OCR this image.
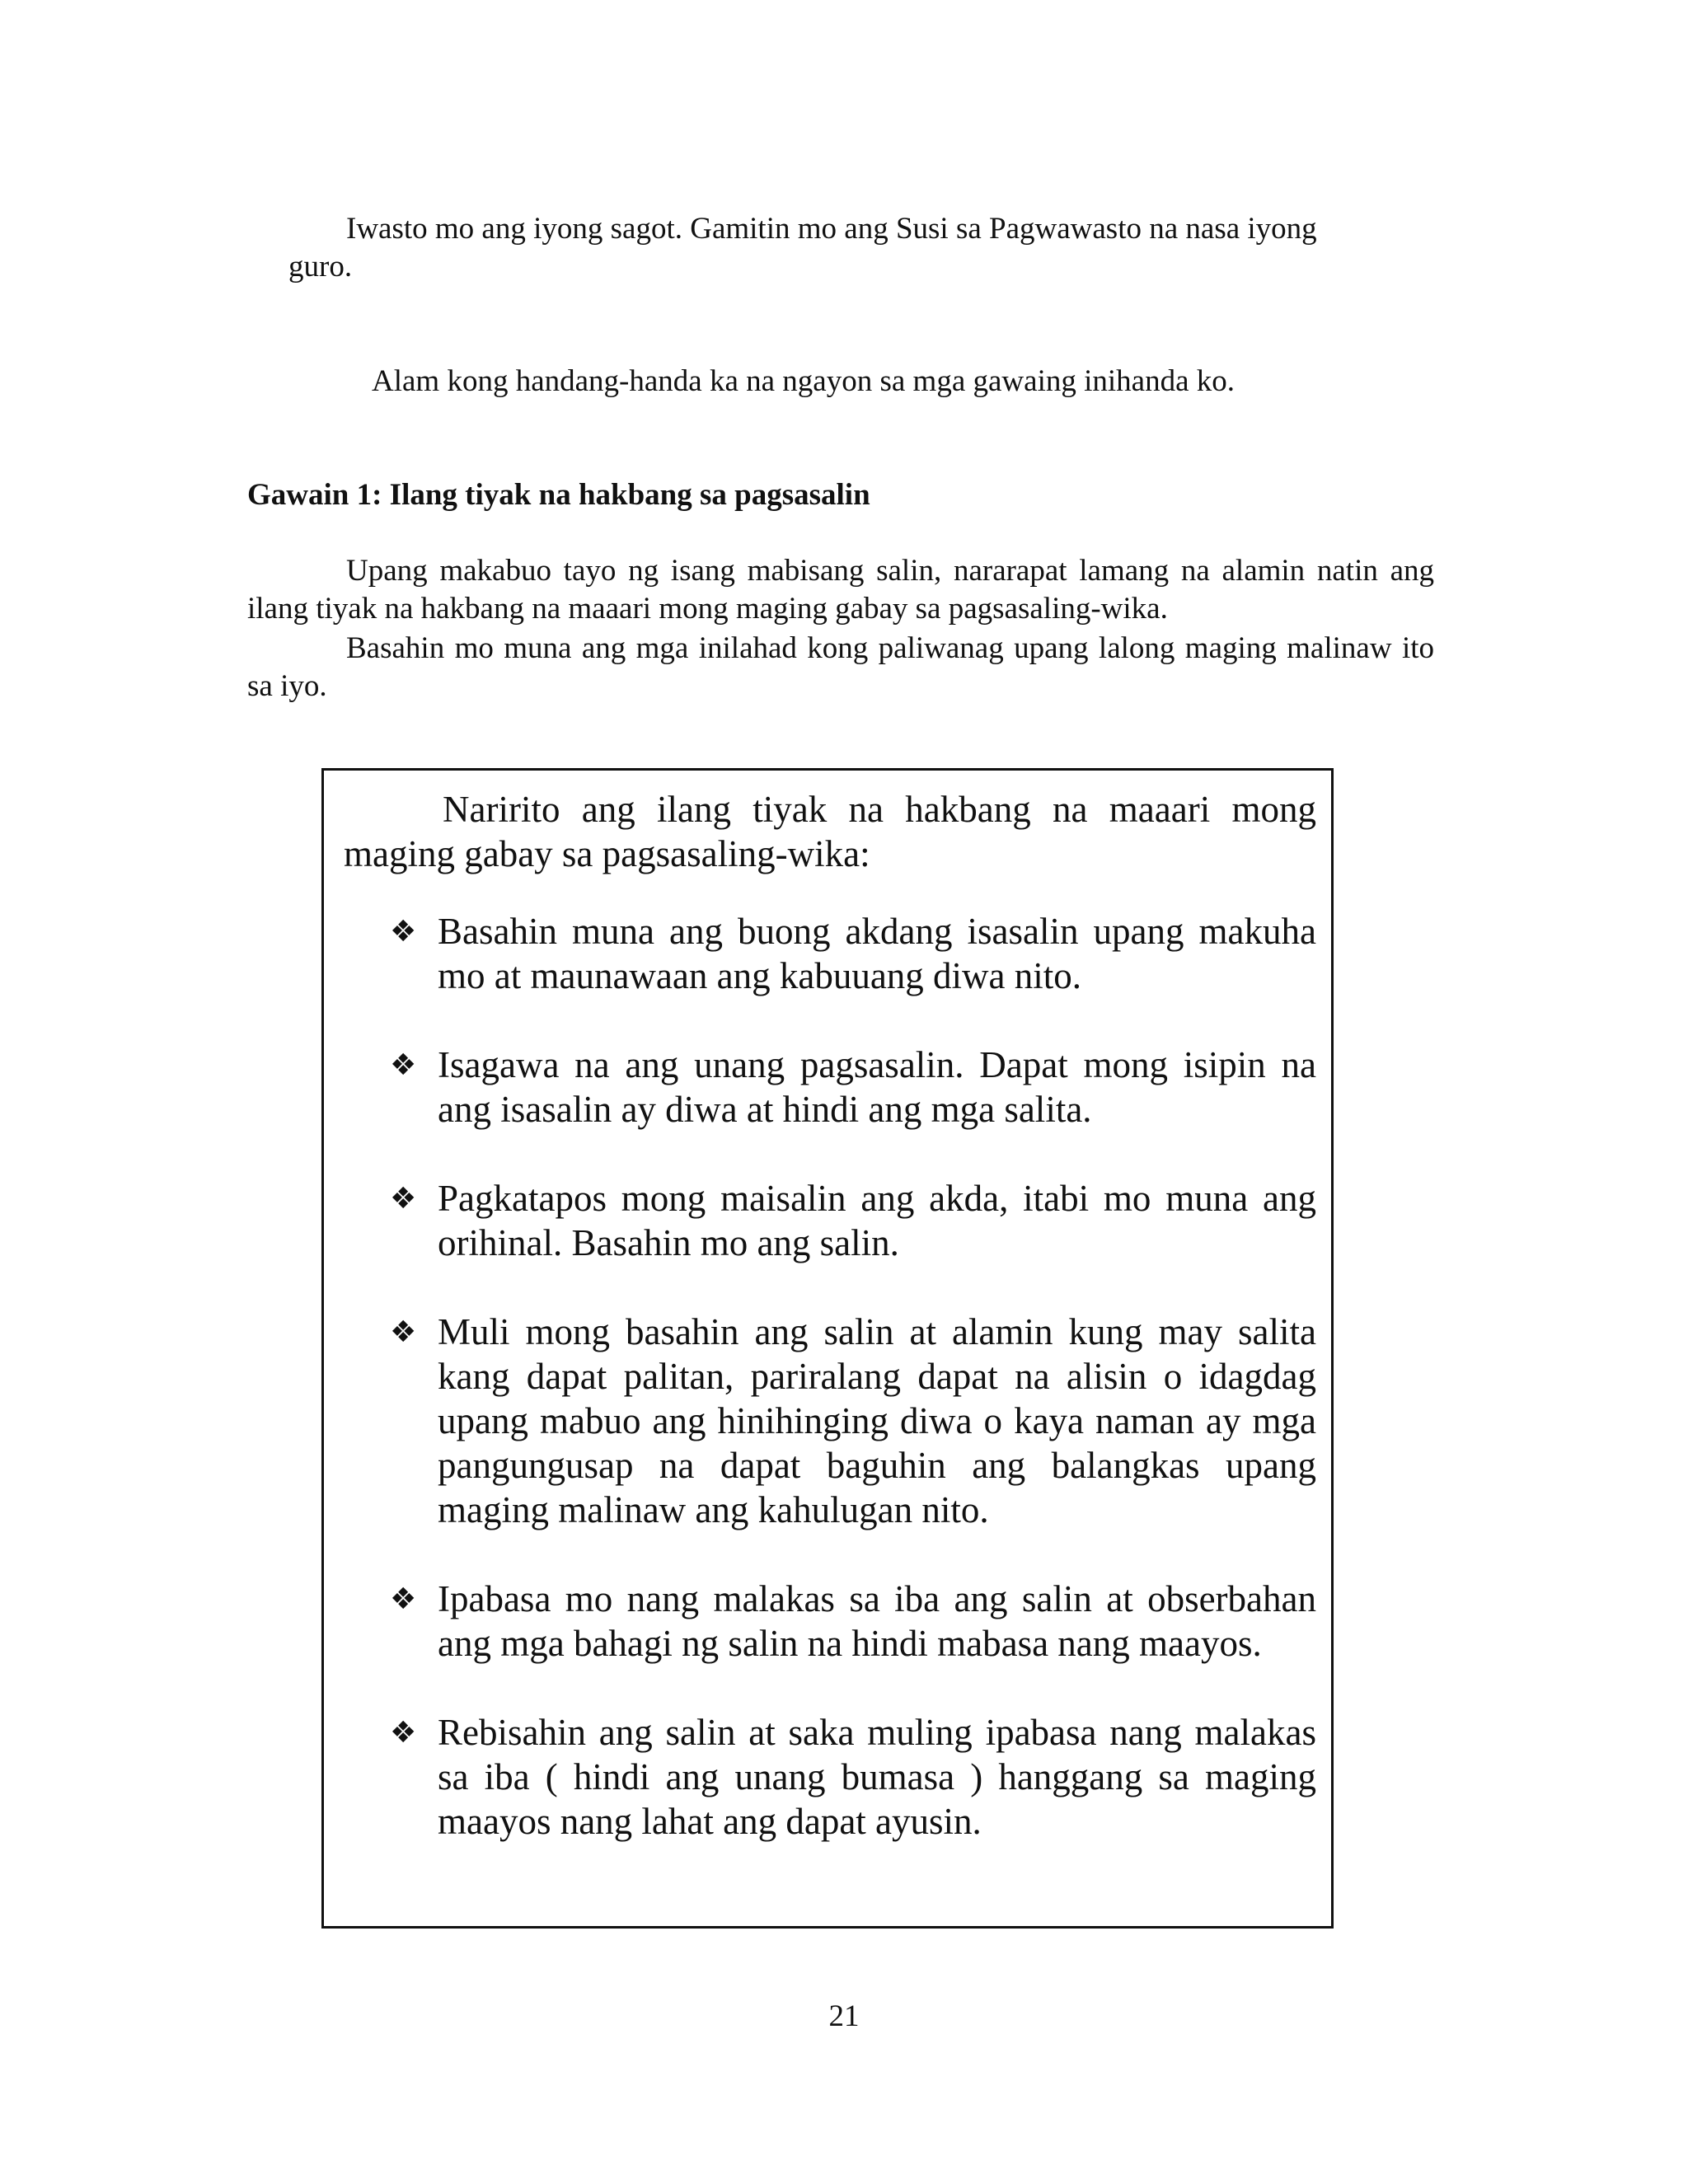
Iwasto mo ang iyong sagot. Gamitin mo ang Susi sa Pagwawasto na nasa iyong
guro.

Alam kong handang-handa ka na ngayon sa mga gawaing inihanda ko.

Gawain 1: Ilang tiyak na hakbang sa pagsasalin

Upang makabuo tayo ng isang mabisang salin, nararapat lamang na alamin natin ang ilang tiyak na hakbang na maaari mong maging gabay sa pagsasaling-wika.

Basahin mo muna ang mga inilahad kong paliwanag upang lalong maging malinaw ito sa iyo.

Naririto ang ilang tiyak na hakbang na maaari mong maging gabay sa pagsasaling-wika:

❖ Basahin muna ang buong akdang isasalin upang makuha mo at maunawaan ang kabuuang diwa nito.
❖ Isagawa na ang unang pagsasalin. Dapat mong isipin na ang isasalin ay diwa at hindi ang mga salita.
❖ Pagkatapos mong maisalin ang akda, itabi mo muna ang orihinal. Basahin mo ang salin.
❖ Muli mong basahin ang salin at alamin kung may salita kang dapat palitan, pariralang dapat na alisin o idagdag upang mabuo ang hinihinging diwa o kaya naman ay mga pangungusap na dapat baguhin ang balangkas upang maging malinaw ang kahulugan nito.
❖ Ipabasa mo nang malakas sa iba ang salin at obserbahan ang mga bahagi ng salin na hindi mabasa nang maayos.
❖ Rebisahin ang salin at saka muling ipabasa nang malakas sa iba ( hindi ang unang bumasa ) hanggang sa maging maayos nang lahat ang dapat ayusin.
21
